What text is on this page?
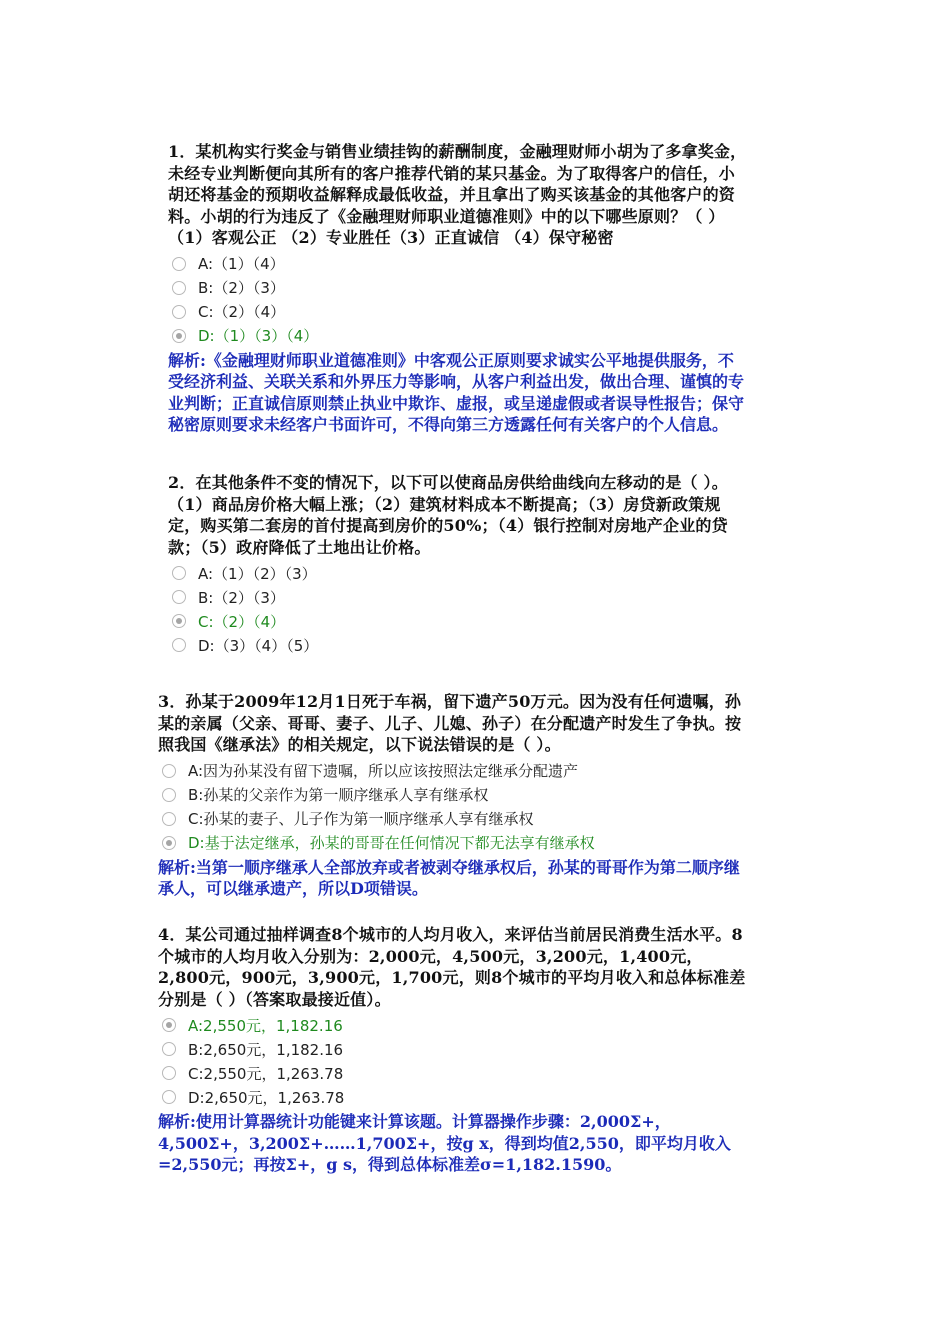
1．某机构实行奖金与销售业绩挂钩的薪酬制度，金融理财师小胡为了多拿奖金，未经专业判断便向其所有的客户推荐代销的某只基金。为了取得客户的信任，小胡还将基金的预期收益解释成最低收益，并且拿出了购买该基金的其他客户的资料。小胡的行为违反了《金融理财师职业道德准则》中的以下哪些原则？（ ）（1）客观公正 （2）专业胜任（3）正直诚信 （4）保守秘密

A:（1）（4）
B:（2）（3）
C:（2）（4）
D:（1）（3）（4）

解析:《金融理财师职业道德准则》中客观公正原则要求诚实公平地提供服务，不受经济利益、关联关系和外界压力等影响，从客户利益出发，做出合理、谨慎的专业判断；正直诚信原则禁止执业中欺诈、虚报，或呈递虚假或者误导性报告；保守秘密原则要求未经客户书面许可，不得向第三方透露任何有关客户的个人信息。

2．在其他条件不变的情况下，以下可以使商品房供给曲线向左移动的是（ ）。（1）商品房价格大幅上涨；（2）建筑材料成本不断提高；（3）房贷新政策规定，购买第二套房的首付提高到房价的50%；（4）银行控制对房地产企业的贷款；（5）政府降低了土地出让价格。

A:（1）（2）（3）
B:（2）（3）
C:（2）（4）
D:（3）（4）（5）

3．孙某于2009年12月1日死于车祸，留下遗产50万元。因为没有任何遗嘱，孙某的亲属（父亲、哥哥、妻子、儿子、儿媳、孙子）在分配遗产时发生了争执。按照我国《继承法》的相关规定，以下说法错误的是（ ）。

A:因为孙某没有留下遗嘱，所以应该按照法定继承分配遗产
B:孙某的父亲作为第一顺序继承人享有继承权
C:孙某的妻子、儿子作为第一顺序继承人享有继承权
D:基于法定继承，孙某的哥哥在任何情况下都无法享有继承权

解析:当第一顺序继承人全部放弃或者被剥夺继承权后，孙某的哥哥作为第二顺序继承人，可以继承遗产，所以D项错误。

4．某公司通过抽样调查8个城市的人均月收入，来评估当前居民消费生活水平。8个城市的人均月收入分别为：2,000元，4,500元，3,200元，1,400元，2,800元，900元，3,900元，1,700元，则8个城市的平均月收入和总体标准差分别是（ ）（答案取最接近值）。

A:2,550元，1,182.16
B:2,650元，1,182.16
C:2,550元，1,263.78
D:2,650元，1,263.78

解析:使用计算器统计功能键来计算该题。计算器操作步骤：2,000Σ+，4,500Σ+，3,200Σ+……1,700Σ+，按g x，得到均值2,550，即平均月收入=2,550元；再按Σ+，g s，得到总体标准差σ=1,182.1590。
